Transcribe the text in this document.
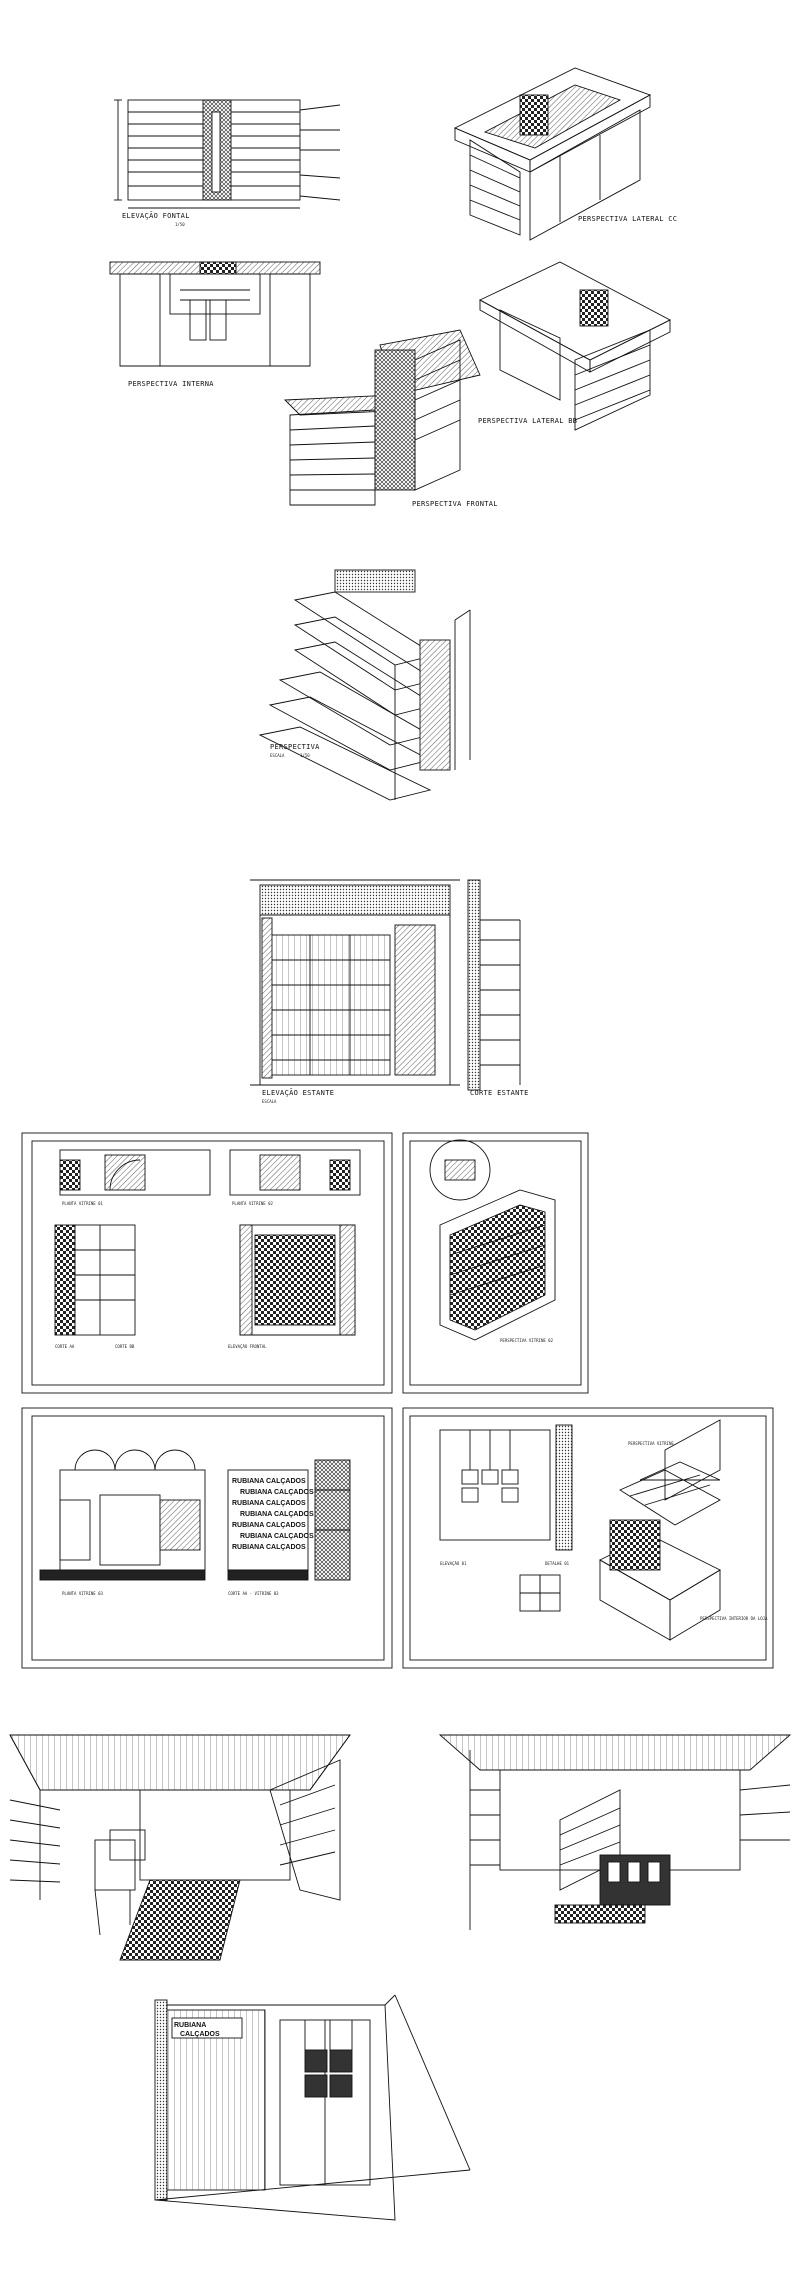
ELEVAÇÃO FONTAL
1/50
PERSPECTIVA LATERAL CC
PERSPECTIVA INTERNA
PERSPECTIVA LATERAL BB
PERSPECTIVA FRONTAL
PERSPECTIVA
ESCALA	1/50
ELEVAÇÃO ESTANTE
ESCALA
CORTE ESTANTE
PLANTA VITRINE 01	PLANTA VITRINE 02
CORTE AA	CORTE BB	ELEVAÇÃO FRONTAL
PERSPECTIVA VITRINE 02
PLANTA VITRINE 03
RUBIANA CALÇADOS
RUBIANA CALÇADOS
RUBIANA CALÇADOS
RUBIANA CALÇADOS
RUBIANA CALÇADOS
RUBIANA CALÇADOS
RUBIANA CALÇADOS
CORTE AA - VITRINE 03
ELEVAÇÃO 01	DETALHE 01
PERSPECTIVA VITRINE
PERSPECTIVA INTERIOR DA LOJA
RUBIANA
CALÇADOS
